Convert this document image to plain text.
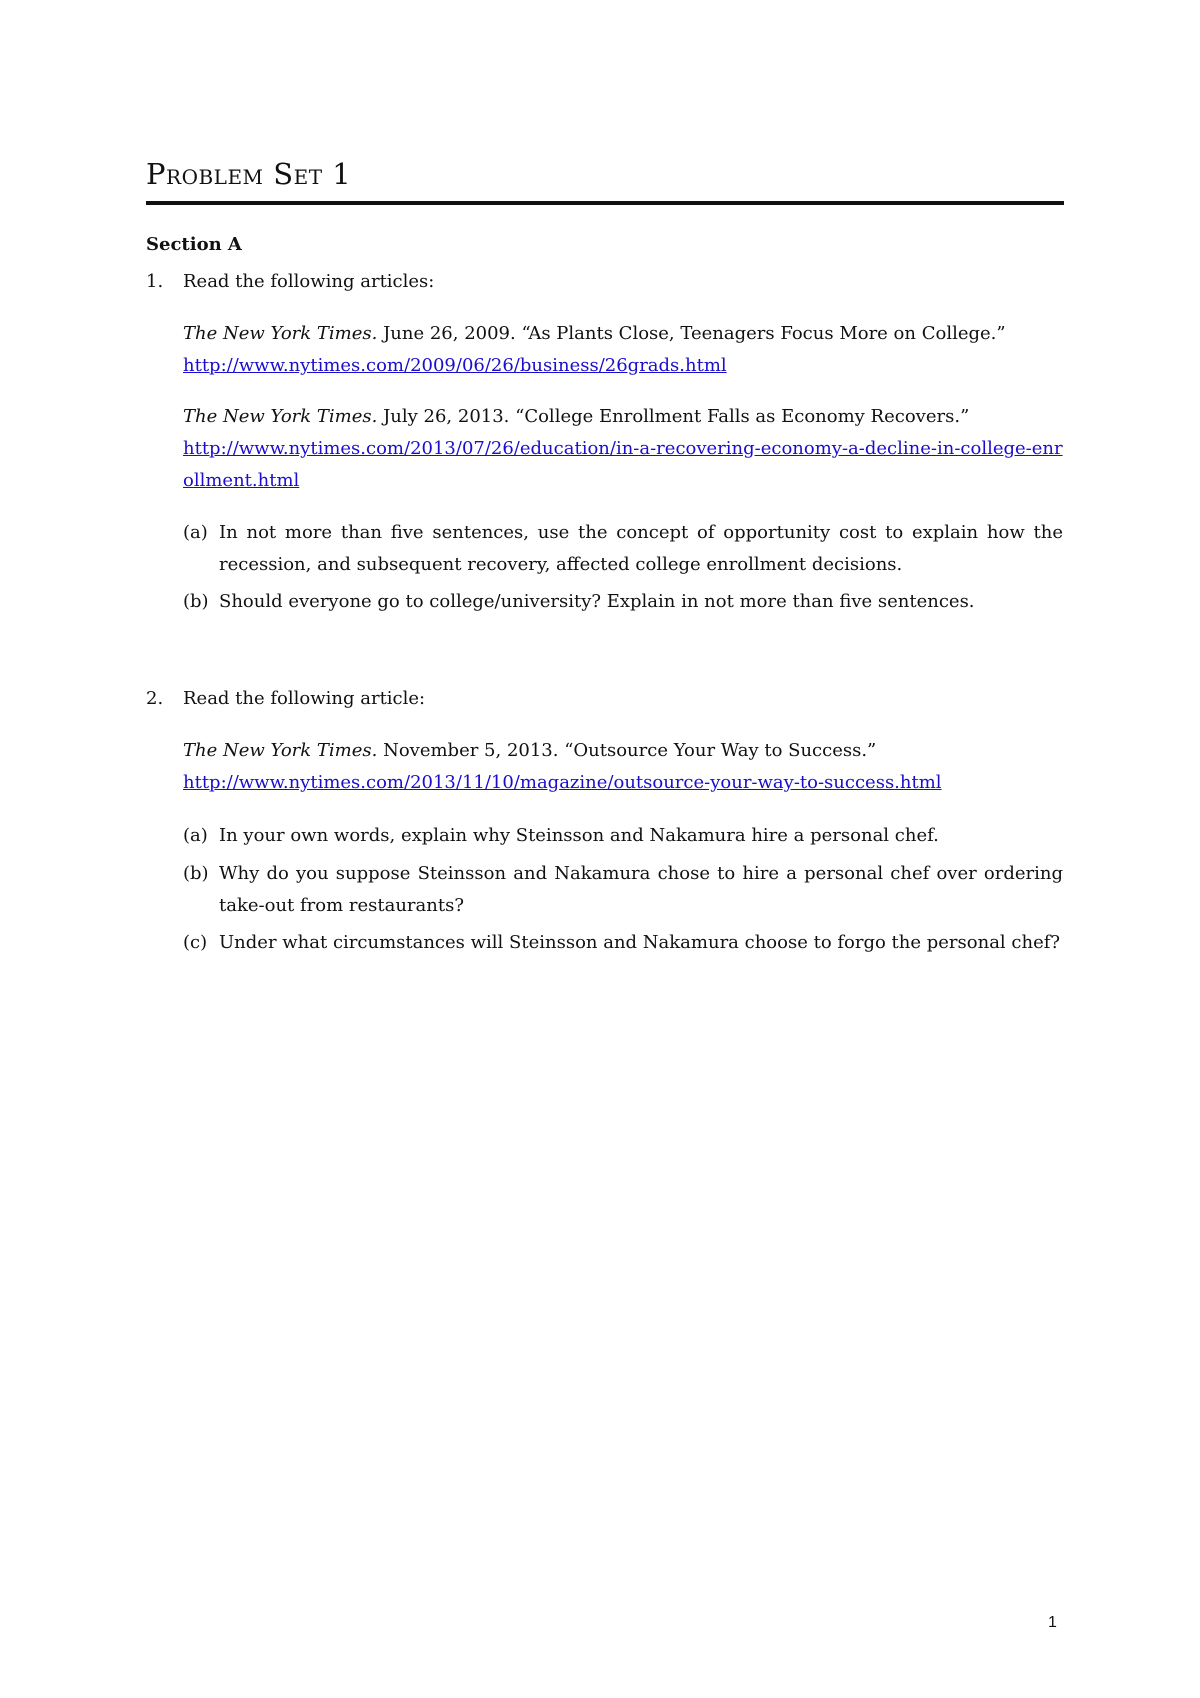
Problem Set 1
Section A
1. Read the following articles:
The New York Times. June 26, 2009. “As Plants Close, Teenagers Focus More on College.”
http://www.nytimes.com/2009/06/26/business/26grads.html
The New York Times. July 26, 2013. “College Enrollment Falls as Economy Recovers.”
http://www.nytimes.com/2013/07/26/education/in-a-recovering-economy-a-decline-in-college-enrollment.html
(a) In not more than five sentences, use the concept of opportunity cost to explain how the recession, and subsequent recovery, affected college enrollment decisions.
(b) Should everyone go to college/university? Explain in not more than five sentences.
2. Read the following article:
The New York Times. November 5, 2013. “Outsource Your Way to Success.”
http://www.nytimes.com/2013/11/10/magazine/outsource-your-way-to-success.html
(a) In your own words, explain why Steinsson and Nakamura hire a personal chef.
(b) Why do you suppose Steinsson and Nakamura chose to hire a personal chef over ordering take-out from restaurants?
(c) Under what circumstances will Steinsson and Nakamura choose to forgo the personal chef?
1
